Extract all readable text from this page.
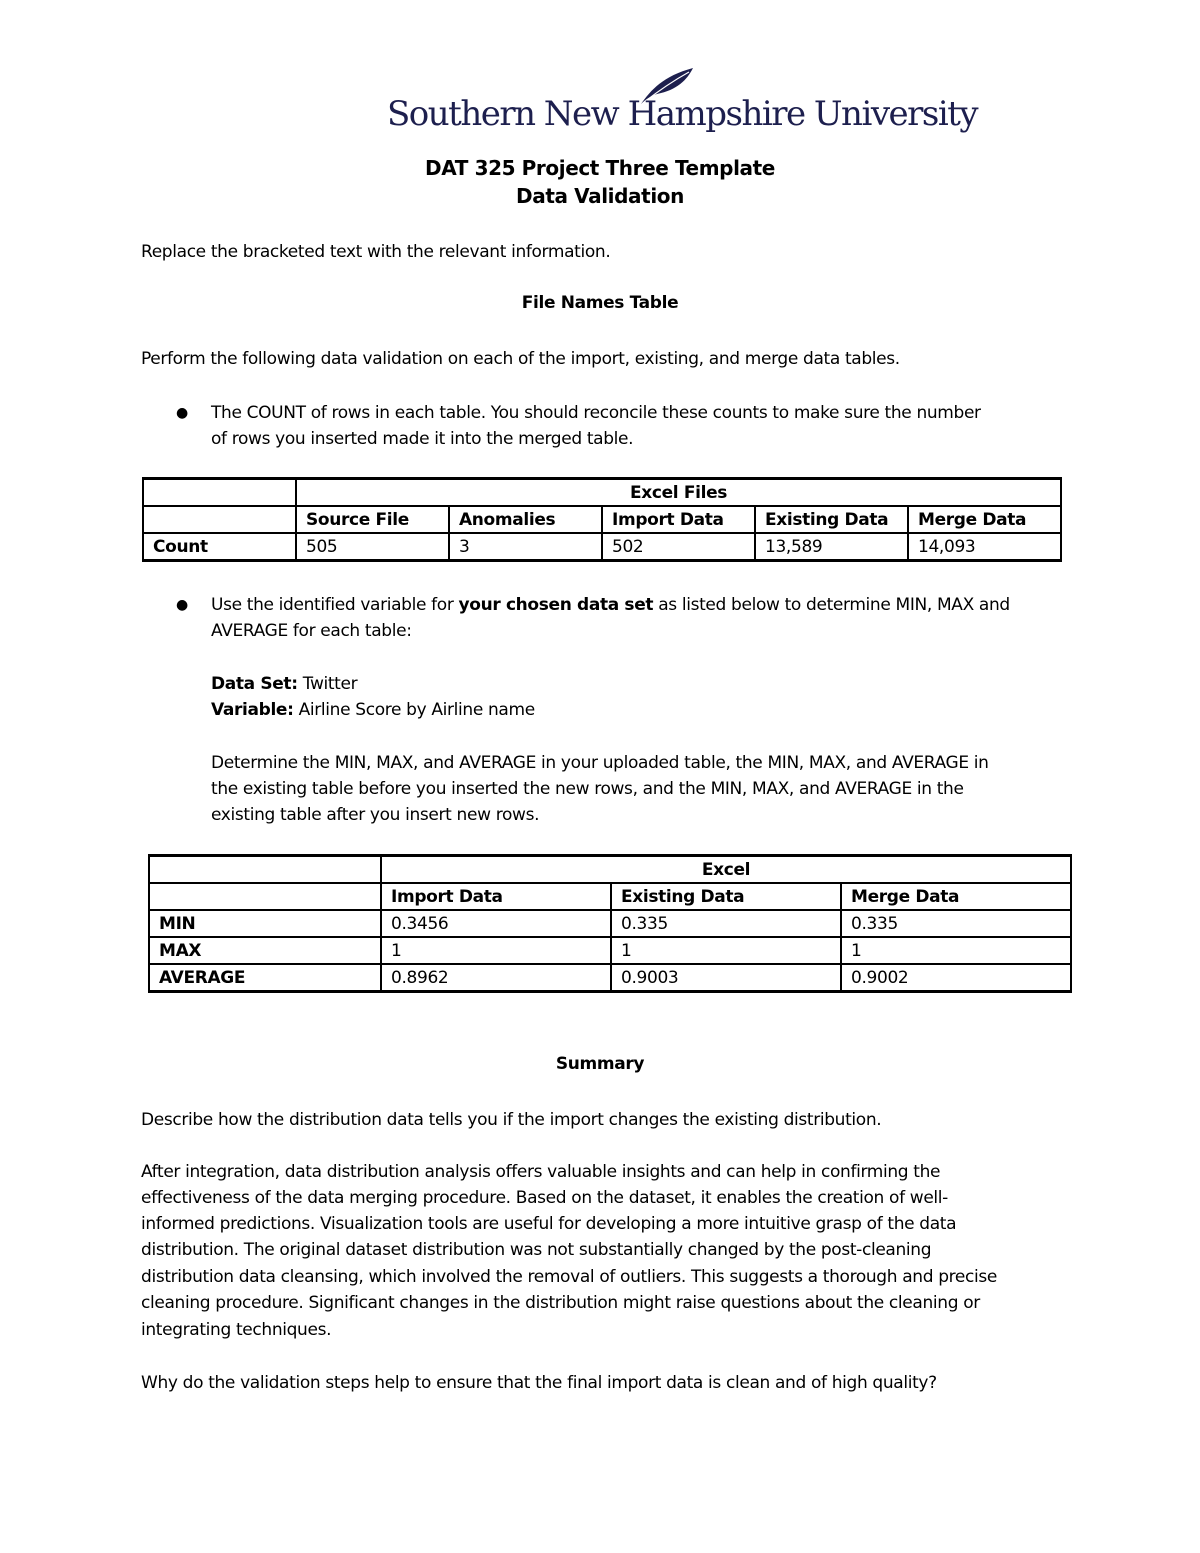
Southern New Hampshire University
DAT 325 Project Three Template
Data Validation
Replace the bracketed text with the relevant information.
File Names Table
Perform the following data validation on each of the import, existing, and merge data tables.
● The COUNT of rows in each table. You should reconcile these counts to make sure the number
of rows you inserted made it into the merged table.
	Excel Files				
	Source File	Anomalies	Import Data	Existing Data	Merge Data
Count	505	3	502	13,589	14,093
● Use the identified variable for your chosen data set as listed below to determine MIN, MAX and
AVERAGE for each table:
Data Set: Twitter
Variable: Airline Score by Airline name
Determine the MIN, MAX, and AVERAGE in your uploaded table, the MIN, MAX, and AVERAGE in
the existing table before you inserted the new rows, and the MIN, MAX, and AVERAGE in the
existing table after you insert new rows.
	Excel		
	Import Data	Existing Data	Merge Data
MIN	0.3456	0.335	0.335
MAX	1	1	1
AVERAGE	0.8962	0.9003	0.9002
Summary
Describe how the distribution data tells you if the import changes the existing distribution.
After integration, data distribution analysis offers valuable insights and can help in confirming the
effectiveness of the data merging procedure. Based on the dataset, it enables the creation of well-
informed predictions. Visualization tools are useful for developing a more intuitive grasp of the data
distribution. The original dataset distribution was not substantially changed by the post-cleaning
distribution data cleansing, which involved the removal of outliers. This suggests a thorough and precise
cleaning procedure. Significant changes in the distribution might raise questions about the cleaning or
integrating techniques.
Why do the validation steps help to ensure that the final import data is clean and of high quality?
